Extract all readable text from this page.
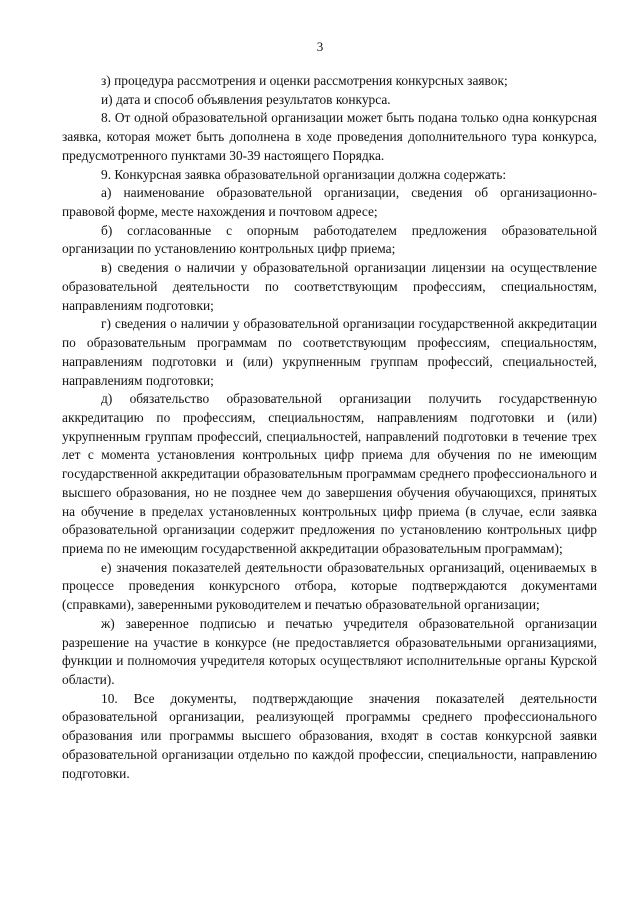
3

з) процедура рассмотрения и оценки рассмотрения конкурсных заявок;

и) дата и способ объявления результатов конкурса.

8. От одной образовательной организации может быть подана только одна конкурсная заявка, которая может быть дополнена в ходе проведения дополнительного тура конкурса, предусмотренного пунктами 30-39 настоящего Порядка.

9. Конкурсная заявка образовательной организации должна содержать:

а) наименование образовательной организации, сведения об организационно-правовой форме, месте нахождения и почтовом адресе;

б) согласованные с опорным работодателем предложения образовательной организации по установлению контрольных цифр приема;

в) сведения о наличии у образовательной организации лицензии на осуществление образовательной деятельности по соответствующим профессиям, специальностям, направлениям подготовки;

г) сведения о наличии у образовательной организации государственной аккредитации по образовательным программам по соответствующим профессиям, специальностям, направлениям подготовки и (или) укрупненным группам профессий, специальностей, направлениям подготовки;

д) обязательство образовательной организации получить государственную аккредитацию по профессиям, специальностям, направлениям подготовки и (или) укрупненным группам профессий, специальностей, направлений подготовки в течение трех лет с момента установления контрольных цифр приема для обучения по не имеющим государственной аккредитации образовательным программам среднего профессионального и высшего образования, но не позднее чем до завершения обучения обучающихся, принятых на обучение в пределах установленных контрольных цифр приема (в случае, если заявка образовательной организации содержит предложения по установлению контрольных цифр приема по не имеющим государственной аккредитации образовательным программам);

е) значения показателей деятельности образовательных организаций, оцениваемых в процессе проведения конкурсного отбора, которые подтверждаются документами (справками), заверенными руководителем и печатью образовательной организации;

ж) заверенное подписью и печатью учредителя образовательной организации разрешение на участие в конкурсе (не предоставляется образовательными организациями, функции и полномочия учредителя которых осуществляют исполнительные органы Курской области).

10. Все документы, подтверждающие значения показателей деятельности образовательной организации, реализующей программы среднего профессионального образования или программы высшего образования, входят в состав конкурсной заявки образовательной организации отдельно по каждой профессии, специальности, направлению подготовки.
